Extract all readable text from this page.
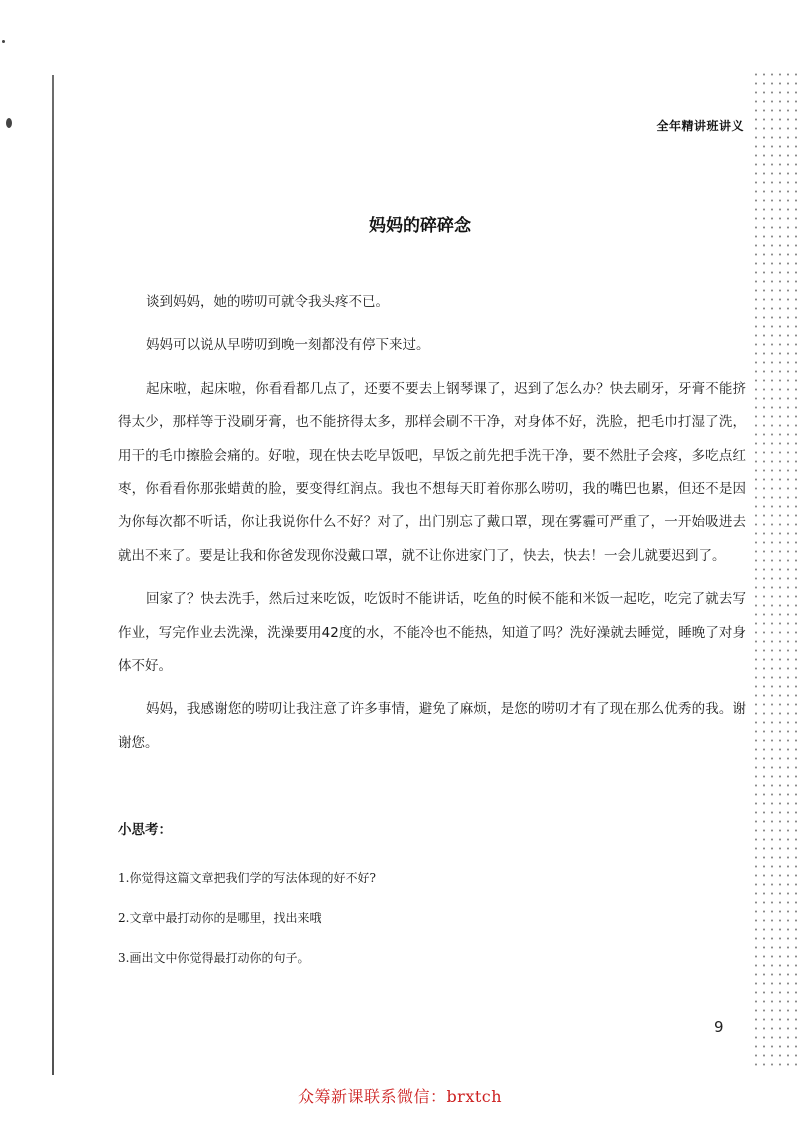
全年精讲班讲义
妈妈的碎碎念

谈到妈妈，她的唠叨可就令我头疼不已。

妈妈可以说从早唠叨到晚一刻都没有停下来过。

起床啦，起床啦，你看看都几点了，还要不要去上钢琴课了，迟到了怎么办？快去刷牙，牙膏不能挤得太少，那样等于没刷牙膏，也不能挤得太多，那样会刷不干净，对身体不好，洗脸，把毛巾打湿了洗，用干的毛巾擦脸会痛的。好啦，现在快去吃早饭吧，早饭之前先把手洗干净，要不然肚子会疼，多吃点红枣，你看看你那张蜡黄的脸，要变得红润点。我也不想每天盯着你那么唠叨，我的嘴巴也累，但还不是因为你每次都不听话，你让我说你什么不好？对了，出门别忘了戴口罩，现在雾霾可严重了，一开始吸进去就出不来了。要是让我和你爸发现你没戴口罩，就不让你进家门了，快去，快去！一会儿就要迟到了。

回家了？快去洗手，然后过来吃饭，吃饭时不能讲话，吃鱼的时候不能和米饭一起吃，吃完了就去写作业，写完作业去洗澡，洗澡要用42度的水，不能冷也不能热，知道了吗？洗好澡就去睡觉，睡晚了对身体不好。

妈妈，我感谢您的唠叨让我注意了许多事情，避免了麻烦，是您的唠叨才有了现在那么优秀的我。谢谢您。

小思考：
1.你觉得这篇文章把我们学的写法体现的好不好?
2.文章中最打动你的是哪里，找出来哦
3.画出文中你觉得最打动你的句子。
9
众筹新课联系微信：brxtch
